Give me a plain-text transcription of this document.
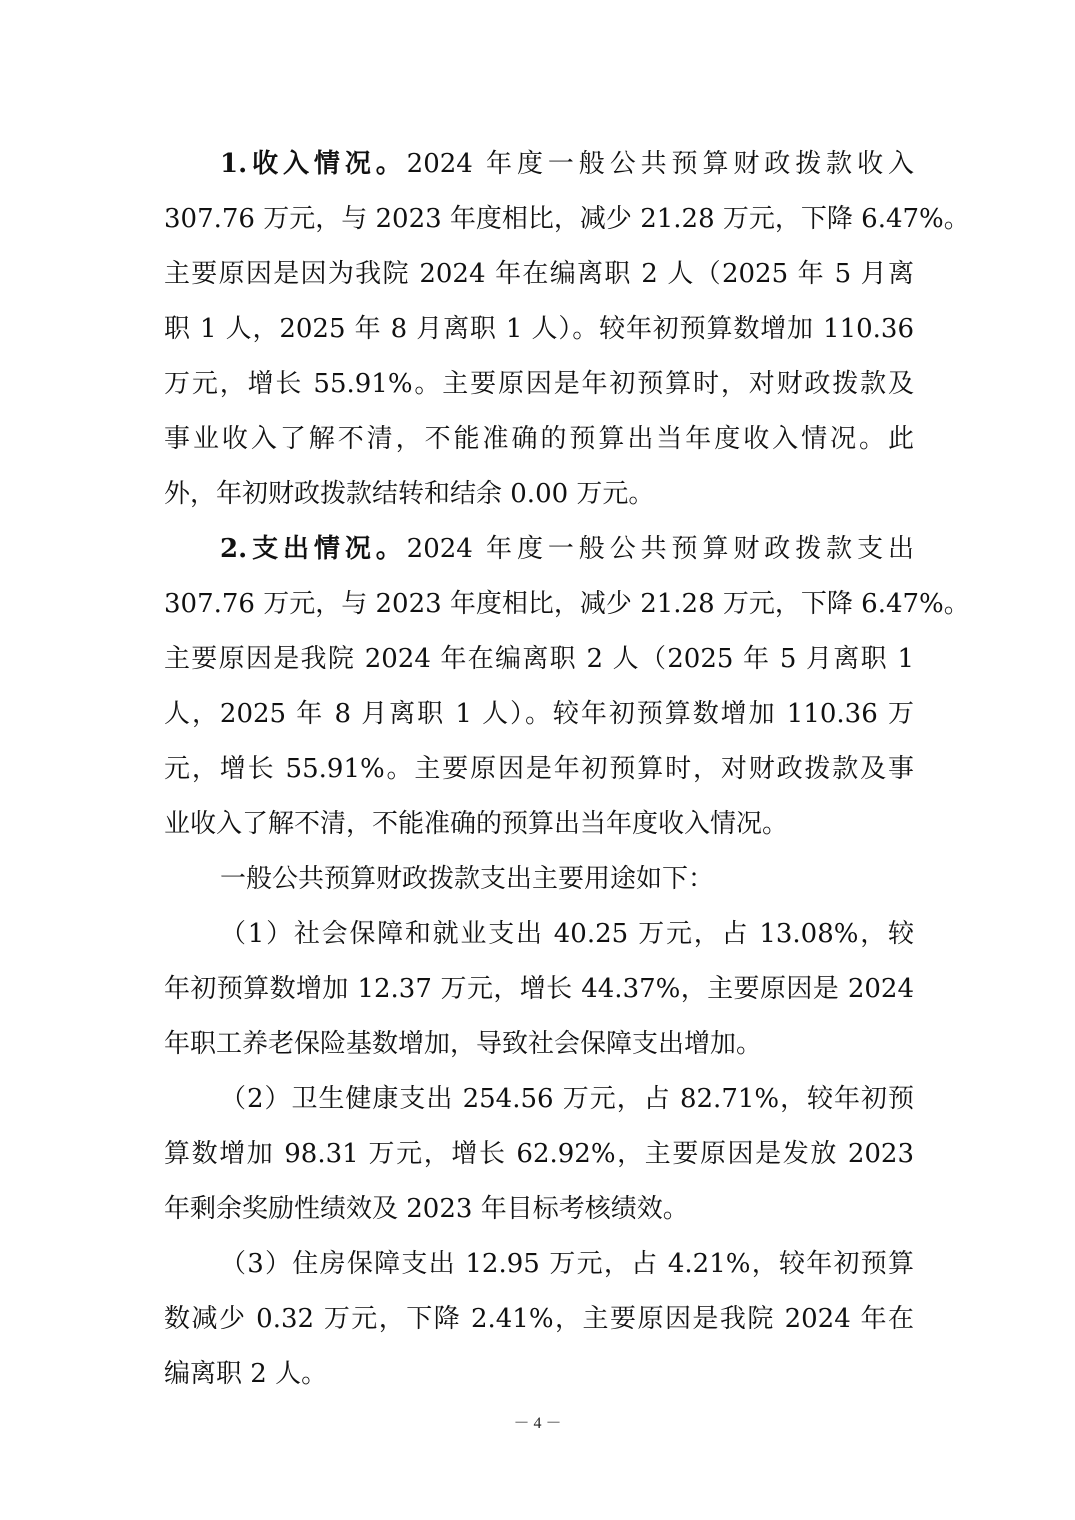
1.收入情况。2024 年度一般公共预算财政拨款收入
307.76 万元，与 2023 年度相比，减少 21.28 万元，下降 6.47%。
主要原因是因为我院 2024 年在编离职 2 人（2025 年 5 月离
职 1 人，2025 年 8 月离职 1 人）。较年初预算数增加 110.36
万元，增长 55.91%。主要原因是年初预算时，对财政拨款及
事业收入了解不清，不能准确的预算出当年度收入情况。此
外，年初财政拨款结转和结余 0.00 万元。
2.支出情况。2024 年度一般公共预算财政拨款支出
307.76 万元，与 2023 年度相比，减少 21.28 万元，下降 6.47%。
主要原因是我院 2024 年在编离职 2 人（2025 年 5 月离职 1
人，2025 年 8 月离职 1 人）。较年初预算数增加 110.36 万
元，增长 55.91%。主要原因是年初预算时，对财政拨款及事
业收入了解不清，不能准确的预算出当年度收入情况。
一般公共预算财政拨款支出主要用途如下：
（1）社会保障和就业支出 40.25 万元，占 13.08%，较
年初预算数增加 12.37 万元，增长 44.37%，主要原因是 2024
年职工养老保险基数增加，导致社会保障支出增加。
（2）卫生健康支出 254.56 万元，占 82.71%，较年初预
算数增加 98.31 万元，增长 62.92%，主要原因是发放 2023
年剩余奖励性绩效及 2023 年目标考核绩效。
（3）住房保障支出 12.95 万元，占 4.21%，较年初预算
数减少 0.32 万元，下降 2.41%，主要原因是我院 2024 年在
编离职 2 人。
－ 4 －
